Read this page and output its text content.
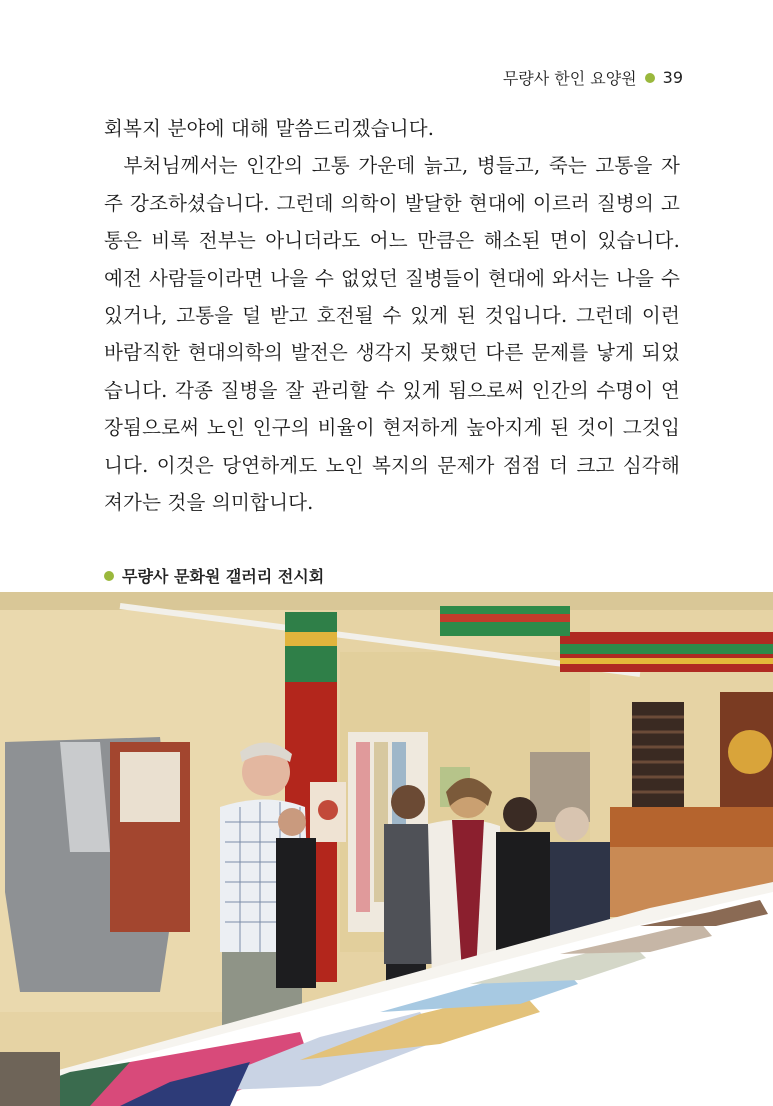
무량사 한인 요양원 39

회복지 분야에 대해 말씀드리겠습니다.

부처님께서는 인간의 고통 가운데 늙고, 병들고, 죽는 고통을 자주 강조하셨습니다. 그런데 의학이 발달한 현대에 이르러 질병의 고통은 비록 전부는 아니더라도 어느 만큼은 해소된 면이 있습니다. 예전 사람들이라면 나을 수 없었던 질병들이 현대에 와서는 나을 수 있거나, 고통을 덜 받고 호전될 수 있게 된 것입니다. 그런데 이런 바람직한 현대의학의 발전은 생각지 못했던 다른 문제를 낳게 되었습니다. 각종 질병을 잘 관리할 수 있게 됨으로써 인간의 수명이 연장됨으로써 노인 인구의 비율이 현저하게 높아지게 된 것이 그것입니다. 이것은 당연하게도 노인 복지의 문제가 점점 더 크고 심각해져가는 것을 의미합니다.

무량사 문화원 갤러리 전시회
